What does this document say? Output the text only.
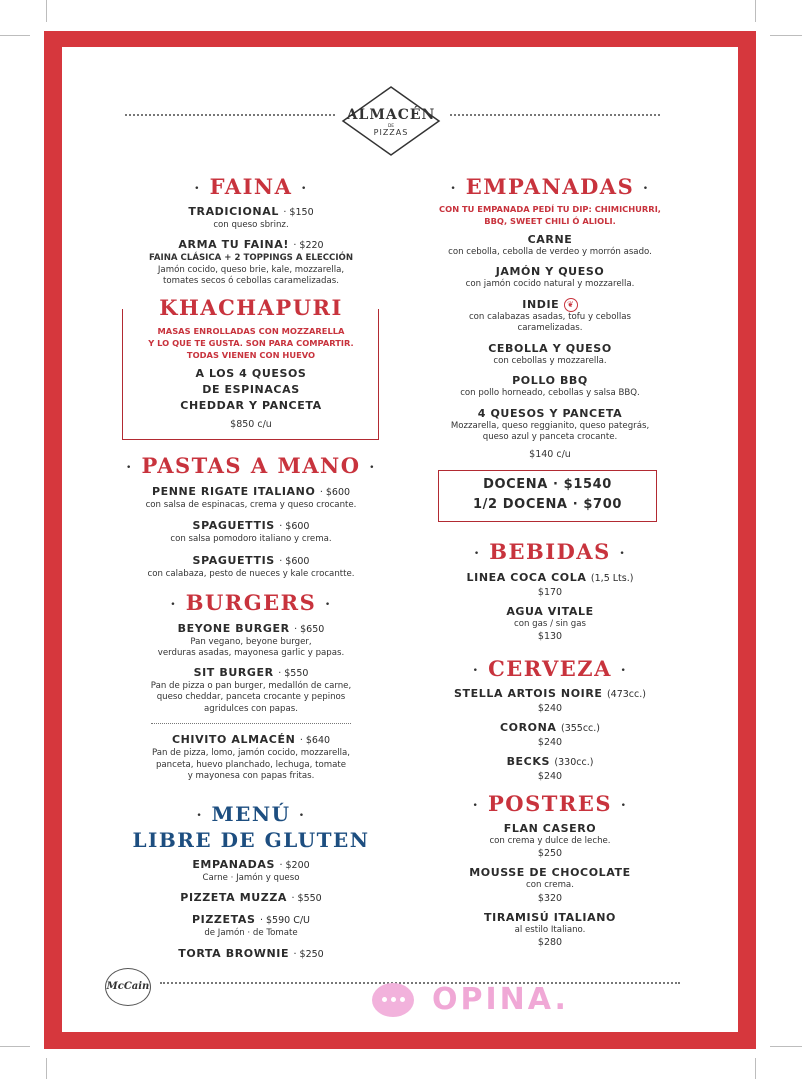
ALMACÉN
DE
PIZZAS
· FAINA ·
TRADICIONAL · $150
con queso sbrinz.
ARMA TU FAINA! · $220
FAINA CLÁSICA + 2 TOPPINGS A ELECCIÓN
Jamón cocido, queso brie, kale, mozzarella,
tomates secos ó cebollas caramelizadas.
KHACHAPURI
MASAS ENROLLADAS CON MOZZARELLA
Y LO QUE TE GUSTA. SON PARA COMPARTIR.
TODAS VIENEN CON HUEVO
A LOS 4 QUESOS
DE ESPINACAS
CHEDDAR Y PANCETA
$850 c/u
· PASTAS A MANO ·
PENNE RIGATE ITALIANO · $600
con salsa de espinacas, crema y queso crocante.
SPAGUETTIS · $600
con salsa pomodoro italiano y crema.
SPAGUETTIS · $600
con calabaza, pesto de nueces y kale crocantte.
· BURGERS ·
BEYONE BURGER · $650
Pan vegano, beyone burger,
verduras asadas, mayonesa garlic y papas.
SIT BURGER · $550
Pan de pizza o pan burger, medallón de carne,
queso cheddar, panceta crocante y pepinos
agridulces con papas.
CHIVITO ALMACÉN · $640
Pan de pizza, lomo, jamón cocido, mozzarella,
panceta, huevo planchado, lechuga, tomate
y mayonesa con papas fritas.
· MENÚ ·
LIBRE DE GLUTEN
EMPANADAS · $200
Carne · Jamón y queso
PIZZETA MUZZA · $550
PIZZETAS · $590 C/U
de Jamón · de Tomate
TORTA BROWNIE · $250
· EMPANADAS ·
CON TU EMPANADA PEDÍ TU DIP: CHIMICHURRI,
BBQ, SWEET CHILI Ó ALIOLI.
CARNE
con cebolla, cebolla de verdeo y morrón asado.
JAMÓN Y QUESO
con jamón cocido natural y mozzarella.
INDIE ❦
con calabazas asadas, tofu y cebollas
caramelizadas.
CEBOLLA Y QUESO
con cebollas y mozzarella.
POLLO BBQ
con pollo horneado, cebollas y salsa BBQ.
4 QUESOS Y PANCETA
Mozzarella, queso reggianito, queso pategrás,
queso azul y panceta crocante.
$140 c/u
DOCENA · $1540
1/2 DOCENA · $700
· BEBIDAS ·
LINEA COCA COLA (1,5 Lts.)
$170
AGUA VITALE
con gas / sin gas
$130
· CERVEZA ·
STELLA ARTOIS NOIRE (473cc.)
$240
CORONA (355cc.)
$240
BECKS (330cc.)
$240
· POSTRES ·
FLAN CASERO
con crema y dulce de leche.
$250
MOUSSE DE CHOCOLATE
con crema.
$320
TIRAMISÚ ITALIANO
al estilo Italiano.
$280
McCain	OPINA.
